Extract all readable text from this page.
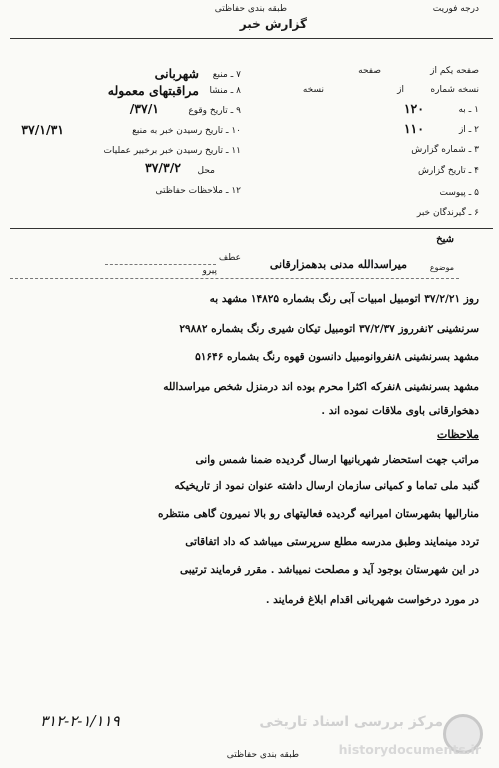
طبقه بندی حفاظتی	درجه فوریت
گزارش خبر
۷ ـ منبع
شهربانی
۸ ـ منشا
مراقبتهای معموله
۹ ـ تاریخ وقوع
۳۷/۱/
۱۰ ـ تاریخ رسیدن خبر به منبع
۳۷/۱/۳۱
۱۱ ـ تاریخ رسیدن خبر برخبیر عملیات
محل
۳۷/۳/۲
۱۲ ـ ملاحظات حفاظتی
صفحه یکم از
صفحه
نسخه شماره
از
نسخه
۱ ـ به
۱۲۰
۲ ـ از
۱۱۰
۳ ـ شماره گزارش
۴ ـ تاریخ گزارش
۵ ـ پیوست
۶ ـ گیرندگان خبر
عطف
پیرو
شیخ
موضوع
میراسدالله مدنی بدهمزارقانی
روز ۳۷/۲/۲۱ اتومبیل امبیات آبی رنگ بشماره ۱۴۸۲۵ مشهد به
سرنشینی ۲نفرروز ۳۷/۲/۳۷ اتومبیل تیکان شیری رنگ بشماره ۲۹۸۸۲
مشهد بسرنشینی ۸نفروانومبیل دانسون قهوه رنگ بشماره ۵۱۶۴۶
مشهد بسرنشینی ۸نفرکه اکثرا محرم بوده اند درمنزل شخص میراسدالله
دهخوارقانی باوی ملاقات نموده اند .
ملاحظات
مراتب جهت استحضار شهربانیها ارسال گردیده ضمنا شمس وانی
گنبد ملی تماما و کمیانی سازمان ارسال داشته عنوان نمود از تاریخیکه
منارالیها بشهرستان امیرانیه گردیده فعالیتهای رو بالا نمیرون گاهی منتظره
تردد مینمایند وطبق مدرسه مطلع سرپرستی میباشد که داد اتفاقاتی
در این شهرستان بوجود آید و مصلحت نمیباشد . مقرر فرمایند ترتیبی
در مورد درخواست شهربانی اقدام ابلاغ فرمایند .
۳۱۲-۲-۱/۱۱۹
طبقه بندی حفاظتی
مرکز بررسی اسناد تاریخی
historydocuments.ir
